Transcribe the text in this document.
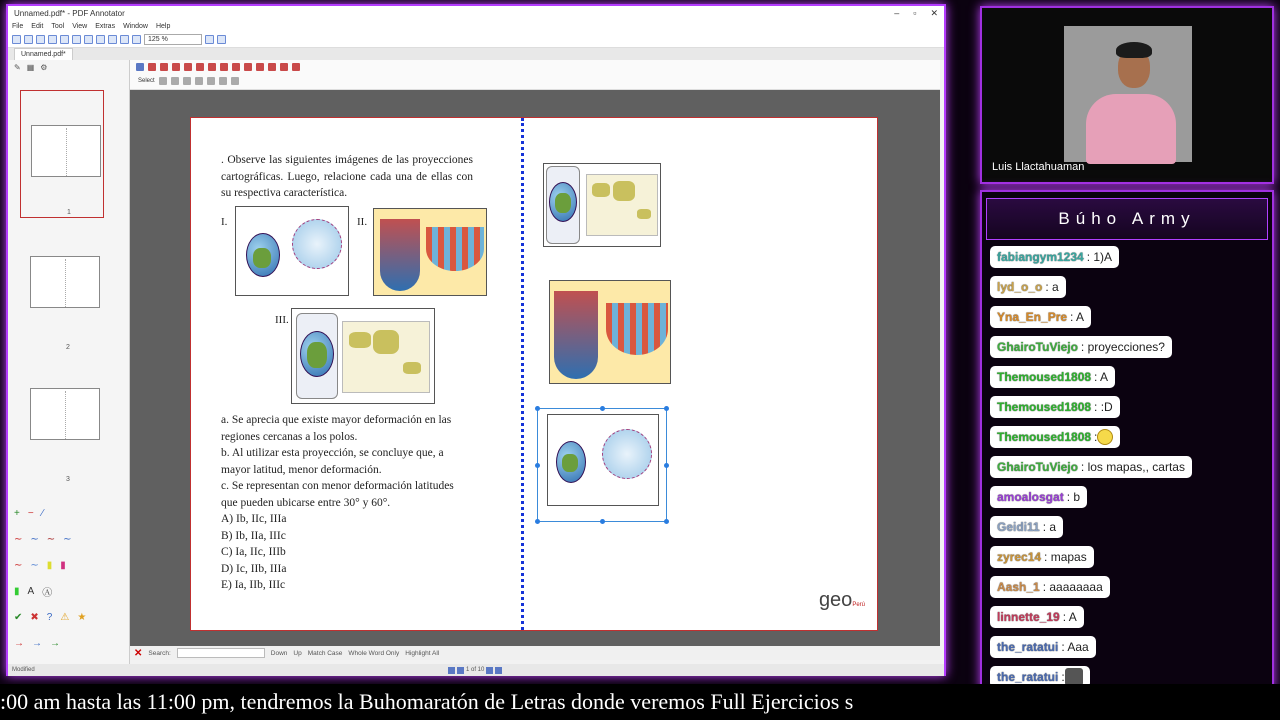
Unnamed.pdf* - PDF Annotator	– ▫ ✕
File Edit Tool View Extras Window Help
125 %
Unnamed.pdf*
✎ ▦ ⚙
1
2
3
+ − ∕
∼ ∼ ∼ ∼
∼ ∼ ▮ ▮
▮ A Ⓐ
✔ ✖ ? ⚠ ★
→ → →
Select
. Observe las siguientes imágenes de las proyecciones cartográficas. Luego, relacione cada una de ellas con su respectiva característica.
I.	II.
III.
a. Se aprecia que existe mayor deformación en las regiones cercanas a los polos.
b. Al utilizar esta proyección, se concluye que, a mayor latitud, menor deformación.
c. Se representan con menor deformación latitudes que pueden ubicarse entre 30° y 60°.
A) Ib, IIc, IIIa
B) Ib, IIa, IIIc
C) Ia, IIc, IIIb
D) Ic, IIb, IIIa
E) Ia, IIb, IIIc
geoPerú
✕ Search:	Down Up Match Case Whole Word Only Highlight All
Modified	1 of 10
Luis Llactahuaman
Búho Army
fabiangym1234 : 1)A
lyd_o_o : a
Yna_En_Pre : A
GhairoTuViejo : proyecciones?
Themoused1808 : A
Themoused1808 : :D
Themoused1808 :
GhairoTuViejo : los mapas,, cartas
amoalosgat : b
Geidi11 : a
zyrec14 : mapas
Aash_1 : aaaaaaaa
linnette_19 : A
the_ratatui : Aaa
the_ratatui :
:00 am hasta las 11:00 pm, tendremos la Buhomaratón de Letras donde veremos Full Ejercicios s
